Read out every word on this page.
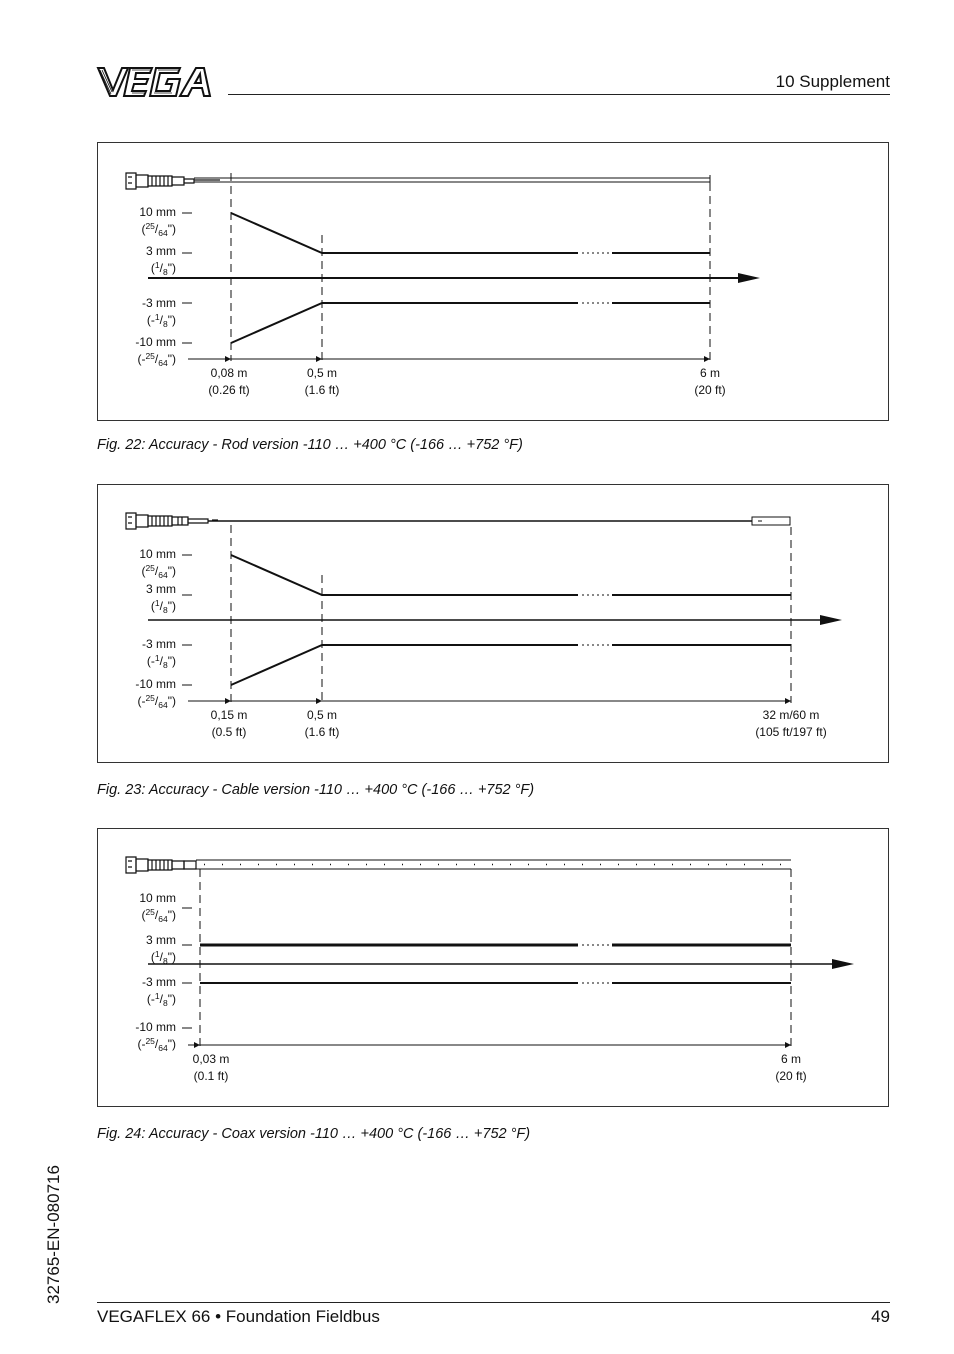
10 Supplement
10 mm
$(^{25}/_{64}")$
3 mm
$(^1/_8")$
-3 mm
$(-^1/_8")$
-10 mm
$(-^{25}/_{64}")$
0,08 m
(0.26 ft)
0,5 m
(1.6 ft)
6 m
(20 ft)
Fig. 22: Accuracy - Rod version -110 … +400 °C (-166 … +752 °F)
10 mm
$(^{25}/_{64}")$
3 mm
$(^1/_8")$
-3 mm
$(-^1/_8")$
-10 mm
$(-^{25}/_{64}")$
0,15 m
(0.5 ft)
0,5 m
(1.6 ft)
32 m/60 m
(105 ft/197 ft)
Fig. 23: Accuracy - Cable version -110 … +400 °C (-166 … +752 °F)
10 mm
$(^{25}/_{64}")$
3 mm
$(^1/_8")$
-3 mm
$(-^1/_8")$
-10 mm
$(-^{25}/_{64}")$
0,03 m
(0.1 ft)
6 m
(20 ft)
Fig. 24: Accuracy - Coax version -110 … +400 °C (-166 … +752 °F)
32765-EN-080716
VEGAFLEX 66 • Foundation Fieldbus	49
